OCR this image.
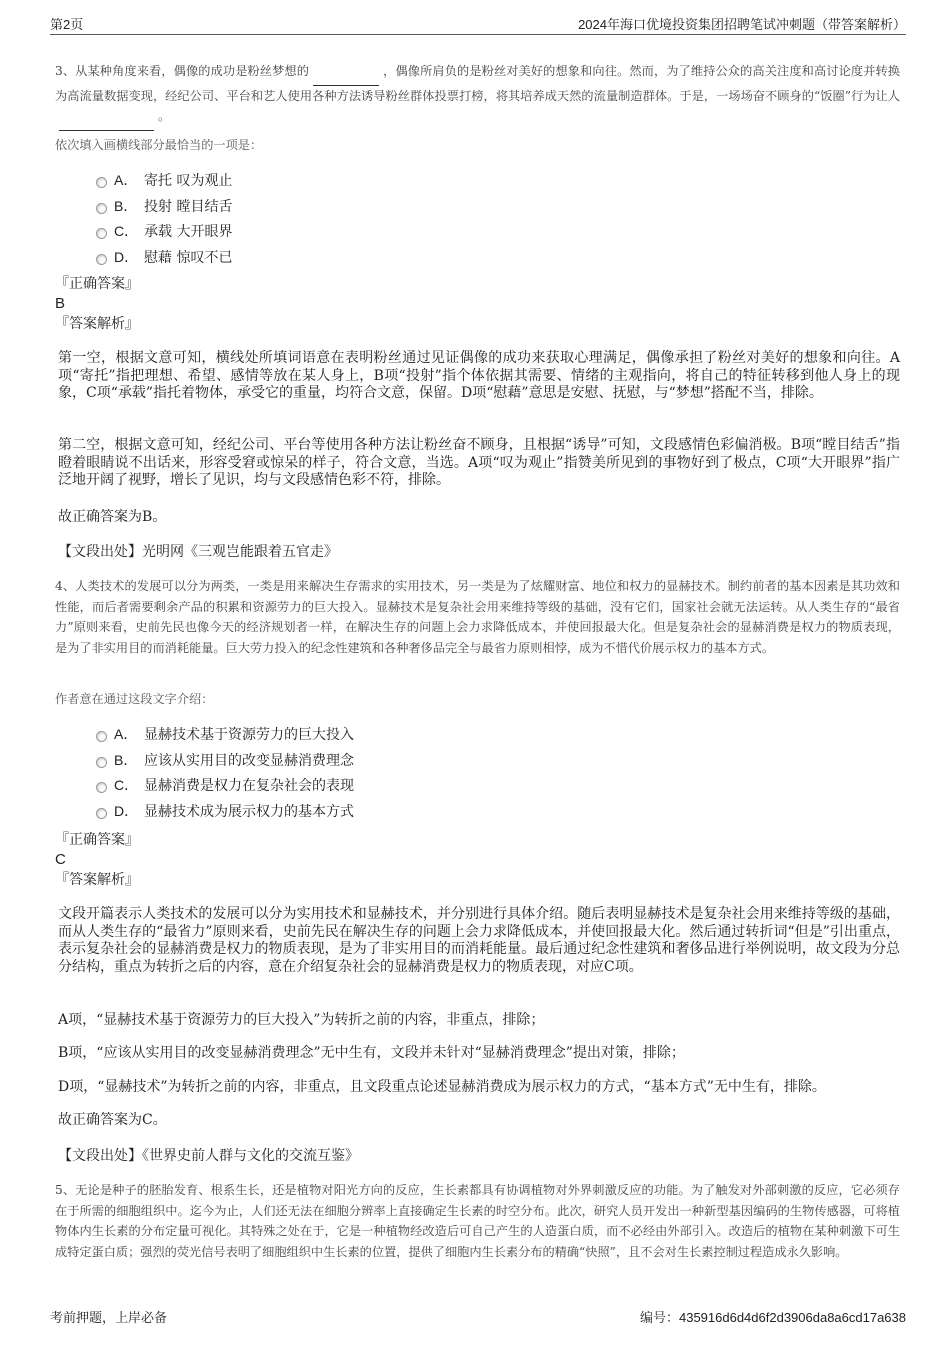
第2页	2024年海口优境投资集团招聘笔试冲刺题（带答案解析）
3、从某种角度来看，偶像的成功是粉丝梦想的	，偶像所肩负的是粉丝对美好的想象和向往。然而，为了维持公众的高关注度和高讨论度并转换为高流量数据变现，经纪公司、平台和艺人使用各种方法诱导粉丝群体投票打榜，将其培养成天然的流量制造群体。于是，一场场奋不顾身的“饭圈”行为让人 。
依次填入画横线部分最恰当的一项是：
A． 寄托 叹为观止
B． 投射 瞠目结舌
C． 承载 大开眼界
D． 慰藉 惊叹不已
『正确答案』
B
『答案解析』
第一空，根据文意可知，横线处所填词语意在表明粉丝通过见证偶像的成功来获取心理满足，偶像承担了粉丝对美好的想象和向往。A项“寄托”指把理想、希望、感情等放在某人身上，B项“投射”指个体依据其需要、情绪的主观指向，将自己的特征转移到他人身上的现象，C项“承载”指托着物体，承受它的重量，均符合文意，保留。D项“慰藉”意思是安慰、抚慰，与“梦想”搭配不当，排除。
第二空，根据文意可知，经纪公司、平台等使用各种方法让粉丝奋不顾身，且根据“诱导”可知，文段感情色彩偏消极。B项“瞠目结舌”指瞪着眼睛说不出话来，形容受窘或惊呆的样子，符合文意，当选。A项“叹为观止”指赞美所见到的事物好到了极点，C项“大开眼界”指广泛地开阔了视野，增长了见识，均与文段感情色彩不符，排除。
故正确答案为B。
【文段出处】光明网《三观岂能跟着五官走》
4、人类技术的发展可以分为两类，一类是用来解决生存需求的实用技术，另一类是为了炫耀财富、地位和权力的显赫技术。制约前者的基本因素是其功效和性能，而后者需要剩余产品的积累和资源劳力的巨大投入。显赫技术是复杂社会用来维持等级的基础，没有它们，国家社会就无法运转。从人类生存的“最省力”原则来看，史前先民也像今天的经济规划者一样，在解决生存的问题上会力求降低成本，并使回报最大化。但是复杂社会的显赫消费是权力的物质表现，是为了非实用目的而消耗能量。巨大劳力投入的纪念性建筑和各种奢侈品完全与最省力原则相悖，成为不惜代价展示权力的基本方式。
作者意在通过这段文字介绍：
A． 显赫技术基于资源劳力的巨大投入
B． 应该从实用目的改变显赫消费理念
C． 显赫消费是权力在复杂社会的表现
D． 显赫技术成为展示权力的基本方式
『正确答案』
C
『答案解析』
文段开篇表示人类技术的发展可以分为实用技术和显赫技术，并分别进行具体介绍。随后表明显赫技术是复杂社会用来维持等级的基础，而从人类生存的“最省力”原则来看，史前先民在解决生存的问题上会力求降低成本，并使回报最大化。然后通过转折词“但是”引出重点，表示复杂社会的显赫消费是权力的物质表现，是为了非实用目的而消耗能量。最后通过纪念性建筑和奢侈品进行举例说明，故文段为分总分结构，重点为转折之后的内容，意在介绍复杂社会的显赫消费是权力的物质表现，对应C项。
A项，“显赫技术基于资源劳力的巨大投入”为转折之前的内容，非重点，排除；
B项，“应该从实用目的改变显赫消费理念”无中生有，文段并未针对“显赫消费理念”提出对策，排除；
D项，“显赫技术”为转折之前的内容，非重点，且文段重点论述显赫消费成为展示权力的方式，“基本方式”无中生有，排除。
故正确答案为C。
【文段出处】《世界史前人群与文化的交流互鉴》
5、无论是种子的胚胎发育、根系生长，还是植物对阳光方向的反应，生长素都具有协调植物对外界刺激反应的功能。为了触发对外部刺激的反应，它必须存在于所需的细胞组织中。迄今为止，人们还无法在细胞分辨率上直接确定生长素的时空分布。此次，研究人员开发出一种新型基因编码的生物传感器，可将植物体内生长素的分布定量可视化。其特殊之处在于，它是一种植物经改造后可自己产生的人造蛋白质，而不必经由外部引入。改造后的植物在某种刺激下可生成特定蛋白质；强烈的荧光信号表明了细胞组织中生长素的位置，提供了细胞内生长素分布的精确“快照”，且不会对生长素控制过程造成永久影响。
考前押题，上岸必备	编号：435916d6d4d6f2d3906da8a6cd17a638
